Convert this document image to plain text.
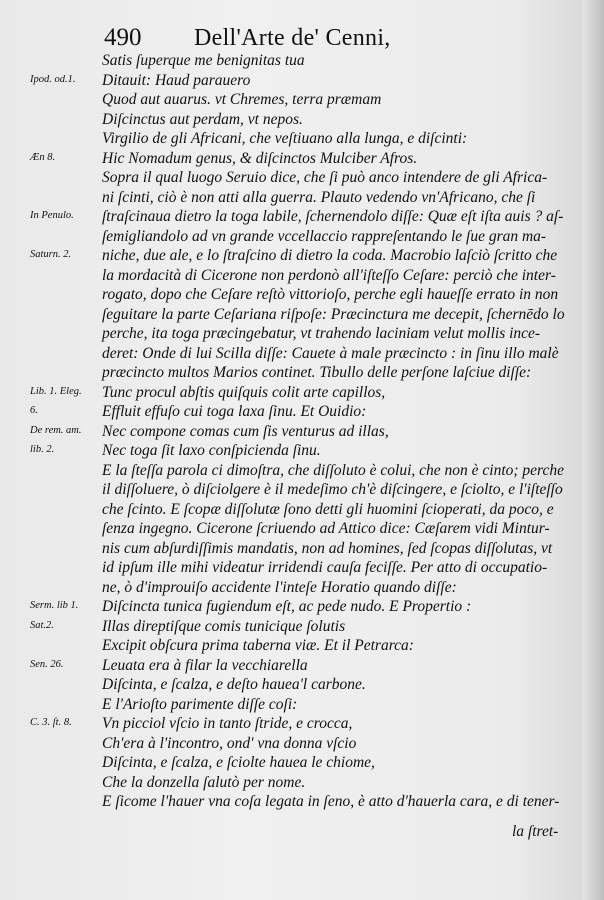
490 Dell'Arte de' Cenni,
Satis ſuperque me benignitas tua
Ipod. od.1. Ditauit: Haud parauero
Quod aut auarus. vt Chremes, terra præmam
Diſcinctus aut perdam, vt nepos.
Virgilio de gli Africani, che veſtiuano alla lunga, e diſcinti:
Æn 8.	Hic Nomadum genus, & diſcinctos Mulciber Afros.
Sopra il qual luogo Seruio dice, che ſi può anco intendere de gli Africa-
ni ſcinti, ciò è non atti alla guerra. Plauto vedendo vn'Africano, che ſi
In Penulo. ſtraſcinaua dietro la toga labile, ſchernendolo diſſe: Quæ eſt iſta auis ? aſ-
ſemigliandolo ad vn grande vccellaccio rappreſentando le ſue gran ma-
Saturn. 2. niche, due ale, e lo ſtraſcino di dietro la coda. Macrobio laſciò ſcritto che
la mordacità di Cicerone non perdonò all'iſteſſo Ceſare: perciò che inter-
rogato, dopo che Ceſare reſtò vittorioſo, perche egli haueſſe errato in non
ſeguitare la parte Ceſariana riſpoſe: Præcinctura me decepit, ſchernēdo lo
perche, ita toga præcingebatur, vt trahendo laciniam velut mollis ince-
deret: Onde di lui Scilla diſſe: Cauete à male præcincto : in ſinu illo malè
præcincto multos Marios continet. Tibullo delle perſone laſciue diſſe:
Lib. 1. Eleg. Tunc procul abſtis quiſquis colit arte capillos,
6.	Effluit effuſo cui toga laxa ſinu. Et Ouidio:
De rem. am. Nec compone comas cum ſis venturus ad illas,
lib. 2.	Nec toga ſit laxo conſpicienda ſinu.
E la ſteſſa parola ci dimoſtra, che diſſoluto è colui, che non è cinto; perche
il diſſoluere, ò diſciolgere è il medeſimo ch'è diſcingere, e ſciolto, e l'iſteſſo
che ſcinto. E ſcopæ diſſolutæ ſono detti gli huomini ſcioperati, da poco, e
ſenza ingegno. Cicerone ſcriuendo ad Attico dice: Cæſarem vidi Mintur-
nis cum abſurdiſſimis mandatis, non ad homines, ſed ſcopas diſſolutas, vt
id ipſum ille mihi videatur irridendi cauſa feciſſe. Per atto di occupatio-
ne, ò d'improuiſo accidente l'inteſe Horatio quando diſſe:
Serm. lib 1. Diſcincta tunica fugiendum eſt, ac pede nudo. E Propertio :
Sat.2.	Illas direptiſque comis tunicique ſolutis
Excipit obſcura prima taberna viæ. Et il Petrarca:
Sen. 26. Leuata era à filar la vecchiarella
Diſcinta, e ſcalza, e deſto hauea'l carbone.
E l'Arioſto parimente diſſe coſi:
C. 3. ſt. 8. Vn picciol vſcio in tanto ſtride, e crocca,
Ch'era à l'incontro, ond' vna donna vſcio
Diſcinta, e ſcalza, e ſciolte hauea le chiome,
Che la donzella ſalutò per nome.
E ſicome l'hauer vna coſa legata in ſeno, è atto d'hauerla cara, e di tener-
la ſtret-
